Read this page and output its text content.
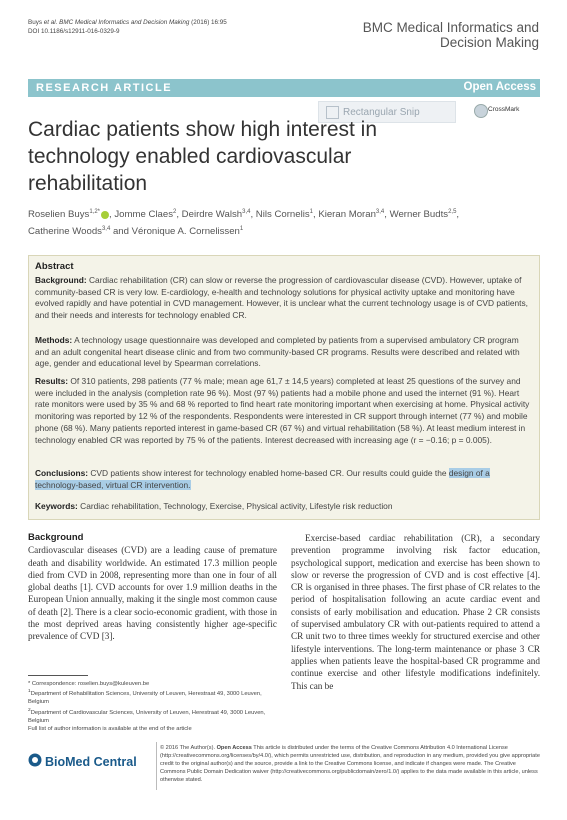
Buys et al. BMC Medical Informatics and Decision Making (2016) 16:95
DOI 10.1186/s12911-016-0329-9	BMC Medical Informatics and
Decision Making
RESEARCH ARTICLE	Open Access
Rectangular Snip	CrossMark
Cardiac patients show high interest in technology enabled cardiovascular rehabilitation
Roselien Buys$^{1,2*}$ , Jomme Claes$^2$, Deirdre Walsh$^{3,4}$, Nils Cornelis$^1$, Kieran Moran$^{3,4}$, Werner Budts$^{2,5}$,
Catherine Woods$^{3,4}$ and Véronique A. Cornelissen$^1$
Abstract
Background: Cardiac rehabilitation (CR) can slow or reverse the progression of cardiovascular disease (CVD). However, uptake of community-based CR is very low. E-cardiology, e-health and technology solutions for physical activity uptake and monitoring have evolved rapidly and have potential in CVD management. However, it is unclear what the current technology usage is of CVD patients, and their needs and interests for technology enabled CR.
Methods: A technology usage questionnaire was developed and completed by patients from a supervised ambulatory CR program and an adult congenital heart disease clinic and from two community-based CR programs. Results were described and related with age, gender and educational level by Spearman correlations.
Results: Of 310 patients, 298 patients (77 % male; mean age 61,7 ± 14,5 years) completed at least 25 questions of the survey and were included in the analysis (completion rate 96 %). Most (97 %) patients had a mobile phone and used the internet (91 %). Heart rate monitors were used by 35 % and 68 % reported to find heart rate monitoring important when exercising at home. Physical activity monitoring was reported by 12 % of the respondents. Respondents were interested in CR support through internet (77 %) and mobile phone (68 %). Many patients reported interest in game-based CR (67 %) and virtual rehabilitation (58 %). At least medium interest in technology enabled CR was reported by 75 % of the patients. Interest decreased with increasing age (r = −0.16; p = 0.005).
Conclusions: CVD patients show interest for technology enabled home-based CR. Our results could guide the design of a technology-based, virtual CR intervention.
Keywords: Cardiac rehabilitation, Technology, Exercise, Physical activity, Lifestyle risk reduction
Background

Cardiovascular diseases (CVD) are a leading cause of premature death and disability worldwide. An estimated 17.3 million people died from CVD in 2008, representing more than one in four of all global deaths [1]. CVD accounts for over 1.9 million deaths in the European Union annually, making it the single most common cause of death [2]. There is a clear socio-economic gradient, with those in the most deprived areas having consistently higher age-specific prevalence of CVD [3].

Exercise-based cardiac rehabilitation (CR), a secondary prevention programme involving risk factor education, psychological support, medication and exercise has been shown to slow or reverse the progression of CVD and is cost effective [4]. CR is organised in three phases. The first phase of CR relates to the period of hospitalisation following an acute cardiac event and consists of early mobilisation and education. Phase 2 CR consists of supervised ambulatory CR with out-patients required to attend a CR unit two to three times weekly for structured exercise and other lifestyle interventions. The long-term maintenance or phase 3 CR applies when patients leave the hospital-based CR programme and continue exercise and other lifestyle modifications indefinitely. This can be

* Correspondence: roselien.buys@kuleuven.be
$^1$Department of Rehabilitation Sciences, University of Leuven, Herestraat 49, 3000 Leuven, Belgium
$^2$Department of Cardiovascular Sciences, University of Leuven, Herestraat 49, 3000 Leuven, Belgium
Full list of author information is available at the end of the article
BioMed Central
© 2016 The Author(s). Open Access This article is distributed under the terms of the Creative Commons Attribution 4.0 International License (http://creativecommons.org/licenses/by/4.0/), which permits unrestricted use, distribution, and reproduction in any medium, provided you give appropriate credit to the original author(s) and the source, provide a link to the Creative Commons license, and indicate if changes were made. The Creative Commons Public Domain Dedication waiver (http://creativecommons.org/publicdomain/zero/1.0/) applies to the data made available in this article, unless otherwise stated.
